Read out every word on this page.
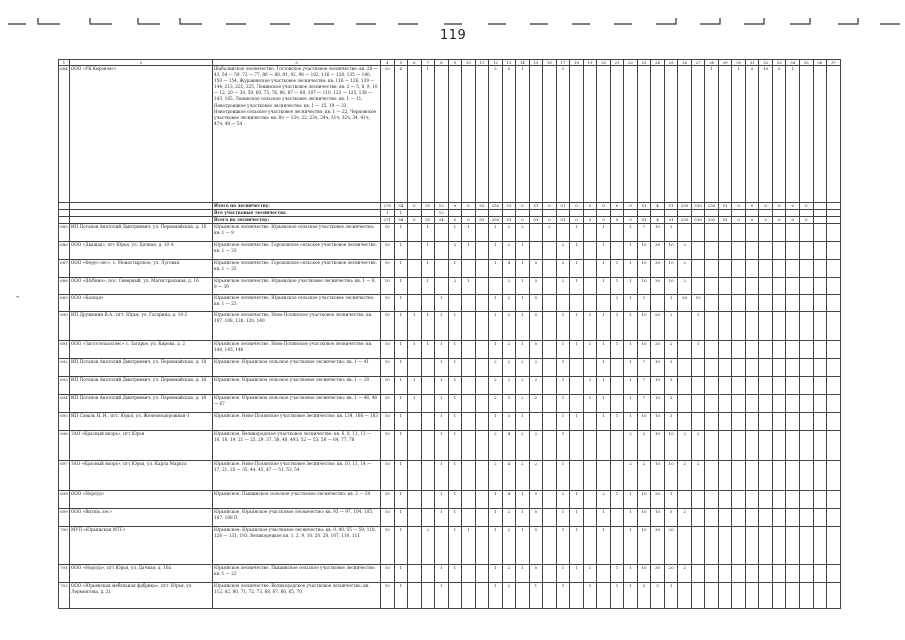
119
1	2	3	4	5	6	7	8	9	10	11	12	13	14	15	16	17	18	19	20	21	22	23	24	25	26	27	28	29	30	31	32	33	34	35	36	37
684	ООО «УК Кировлес»	Шабалинское лесничество, Гостовское участковое лесничество: кв. 28 — 43, 54 — 59, 72 — 77, 86 — 88, 91, 92, 98 — 102, 116 — 120, 135 — 140, 150 — 154, Журавинское участковое лесничество: кв. 116 — 126, 139 — 144, 213, 221, 225, Ленинское участковое лесничество: кв. 2 — 5, 8, 9, 10 — 12, 20 — 30, 59, 60, 75, 76, 86, 87 — 89, 107 — 110, 122 — 125, 138 — 143, 165, Ленинское сельское участковое лесничество: кв. 1 — 11, Новотроицкое участковое лесничество: кв. 1 — 15, 19 — 33, Новотроицкое сельское участковое лесничество: кв. 1 — 22, Черновское участковое лесничество: кв. 8ч — 13ч, 22, 23ч, 24ч, 31ч, 32ч, 34, 41ч, 47ч, 48 — 54	20	4		1					3	5	1			1											1		1	5	10	5	1			
		Итого по лесничеству:	270	54	0	51	12	0	0	53	255	51	0	51	0	51	0	0	0	0	0	51	4	51	255	510	255	51	0	0	0	0	0	0		
		Все участковые лесничества	1	1			12																													
		Всего по лесничеству:	271	54	0	51	24	0	0	53	255	51	0	51	0	51	0	0	0	0	0	51	4	51	255	510	255	51	0	0	0	0	0	0		
685	ИП Потапов Анатолий Дмитриевич, ул. Первомайская, д. 18	Юрьянское лесничество, Юрьянское сельское участковое лесничество: кв. 1 — 9	10	1		1		1	1		1	2	2		2		1		1		1	7	10	3												
686	ООО «Дващад», пгт Юрья, ул. Дачная, д. 10 А	Юрьянское лесничество, Гороховское сельское участковое лесничество: кв. 1 — 33	10	1		1		2	1		1	2	1			2	1		1		1	10	30	10	2											
687	ООО «Форус-лес», с. Монастырское, ул. Луговая	Юрьянское лесничество, Гороховское сельское участковое лесничество: кв. 1 — 32	10	1		1		1			1	4	1	5		2	1		1	1	1	10	30	10	2											
688	ООО «Шубино», пос. Северный, ул. Магистральная, д. 16	Юрьянское лесничество, Юрьянское участковое лесничество: кв. 1 — 8, 9 — 39	10	1		1		2	1			2	1	5		2	1		1	1	1	10	30	10	2											
689	ООО «Каскад»	Юрьянское лесничество, Юрьянское сельское участковое лесничество: кв. 1 — 23	10	1			1				1	2	1	5						2	1	1		1	30	10										
690	ИП Дружинин В.А., пгт. Юрья, ул. Гагарина, д. 10-2	Юрьянское лесничество, Ново-Полянское участковое лесничество: кв. 107, 108, 128, 129, 140	10	1	1	1	1	1			1	2	1	5		1	1	1	1	1	1	10	20	2		1										
691	ООО «Заготсельхозлес» с. Загарье, ул. Кирова, д. 2	Юрьянское лесничество, Ново-Полянское участковое лесничество: кв. 144, 145, 146	10	1	1	1	1	1			1	2	1	5		1	1	1	1	1	1	10	20	2		1										
692	ИП Потапов Анатолий Дмитриевич, ул. Первомайская, д. 18	Юрьянское, Юрьянское сельское участковое лесничество: кв. 1 — 41	10	1			1	1			2	2	2	2		1			1		1	7	10	3												
693	ИП Потапов Анатолий Дмитриевич, ул. Первомайская, д. 18	Юрьянское, Юрьянское сельское участковое лесничество: кв. 1 — 18	10	1	1		1	1			2	2	2	2		1		1	1		1	7	10	3												
694	ИП Потапов Анатолий Дмитриевич, ул. Первомайская, д. 18	Юрьянское, Юрьянское сельское участковое лесничество: кв. 1 — 46, 48 — 67	10	1	1		1	1			2	3	2	2		1		1	1		1	7	10	3												
695	ИП Саваль Н. И., пгт. Юрья, ул. Железнодорожная-1	Юрьянское, Ново-Полянское участковое лесничество: кв. 134, 166 — 183	10	1			1	1			1	3	1			1	1		1	1	1	10	10	3												
696	ЗАО «Красный якорь», пгт Юрья	Юрьянское, Великородское участковое лесничество: кв. 6, 8, 11, 13 — 16, 18, 19, 21 — 25, 29, 37, 38, 48, 493, 52 — 53, 58 — 64, 77, 78	10	1			1	1			2	4	2	2		1					2	2	10	10	2	2										
697	ЗАО «Красный якорь», пгт Юрья, ул. Карла Маркса	Юрьянское, Ново-Полянское участковое лесничество: кв. 10, 11, 14 — 17, 21, 25 — 35, 44, 45, 47 — 51, 53, 54	10	1			1	1			2	4	2	2		1					2	2	10	10	2	2										
698	ООО «Норлуд»	Юрьянское, Пышинское сельское участковое лесничество: кв. 2 — 34	10	1			1	1			1	4	1	5		2	1		2	1	1	10	20	1												
699	ООО «Витязь лес»	Юрьянское, Юрьянское участковое лесничество: кв. 93 — 97, 104, 105, 107, 108 П	10	1			1	1			1	2	1	5		1	1		1		1	10	10	5	2											
700	МУП «Юрьянская МТС»	Юрьянское: Юрьянское участковое лесничество: кв. 9, 40, 55 — 59, 118, 126 — 131, 193, Великорецкое кв. 1, 2, 9, 10, 20, 28, 107, 110, 111	10	1		2		1	1		1	2	1	5		1	1		1		1	10	30	20												
701	ООО «Норлуд», пгт Юрья, ул. Дачная, д. 10а	Юрьянское лесничество, Пышинское сельское участковое лесничество: кв. 1 — 22	10	1			1	1			1	2	1	5		1	1	1		1	1	10	30	20	2											
702	ООО «Юрьянская мебельная фабрика», пгт. Юрья, ул. Лермонтова, д. 21	Юрьянское лесничество, Великородское участковое лесничество: кв. 112, 82, 80, 71, 72, 73, 68, 67, 66, 65, 70	10	1			1				1	2		1		1		1		1	1	5	5	1												
-
